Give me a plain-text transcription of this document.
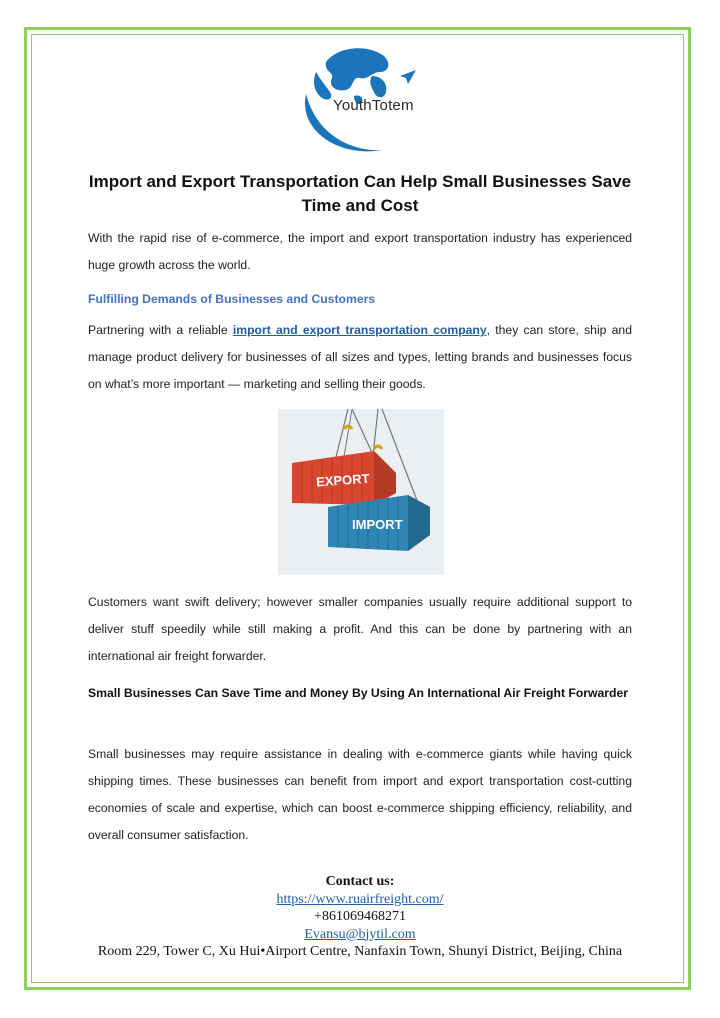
YouthTotem
Import and Export Transportation Can Help Small Businesses Save Time and Cost

With the rapid rise of e-commerce, the import and export transportation industry has experienced huge growth across the world.

Fulfilling Demands of Businesses and Customers

Partnering with a reliable import and export transportation company, they can store, ship and manage product delivery for businesses of all sizes and types, letting brands and businesses focus on what’s more important — marketing and selling their goods.

EXPORT
IMPORT

Customers want swift delivery; however smaller companies usually require additional support to deliver stuff speedily while still making a profit. And this can be done by partnering with an international air freight forwarder.

Small Businesses Can Save Time and Money By Using An International Air Freight Forwarder

Small businesses may require assistance in dealing with e-commerce giants while having quick shipping times. These businesses can benefit from import and export transportation cost-cutting economies of scale and expertise, which can boost e-commerce shipping efficiency, reliability, and overall consumer satisfaction.

Contact us:
https://www.ruairfreight.com/
+861069468271
Evansu@bjytil.com
Room 229, Tower C, Xu Hui•Airport Centre, Nanfaxin Town, Shunyi District, Beijing, China
